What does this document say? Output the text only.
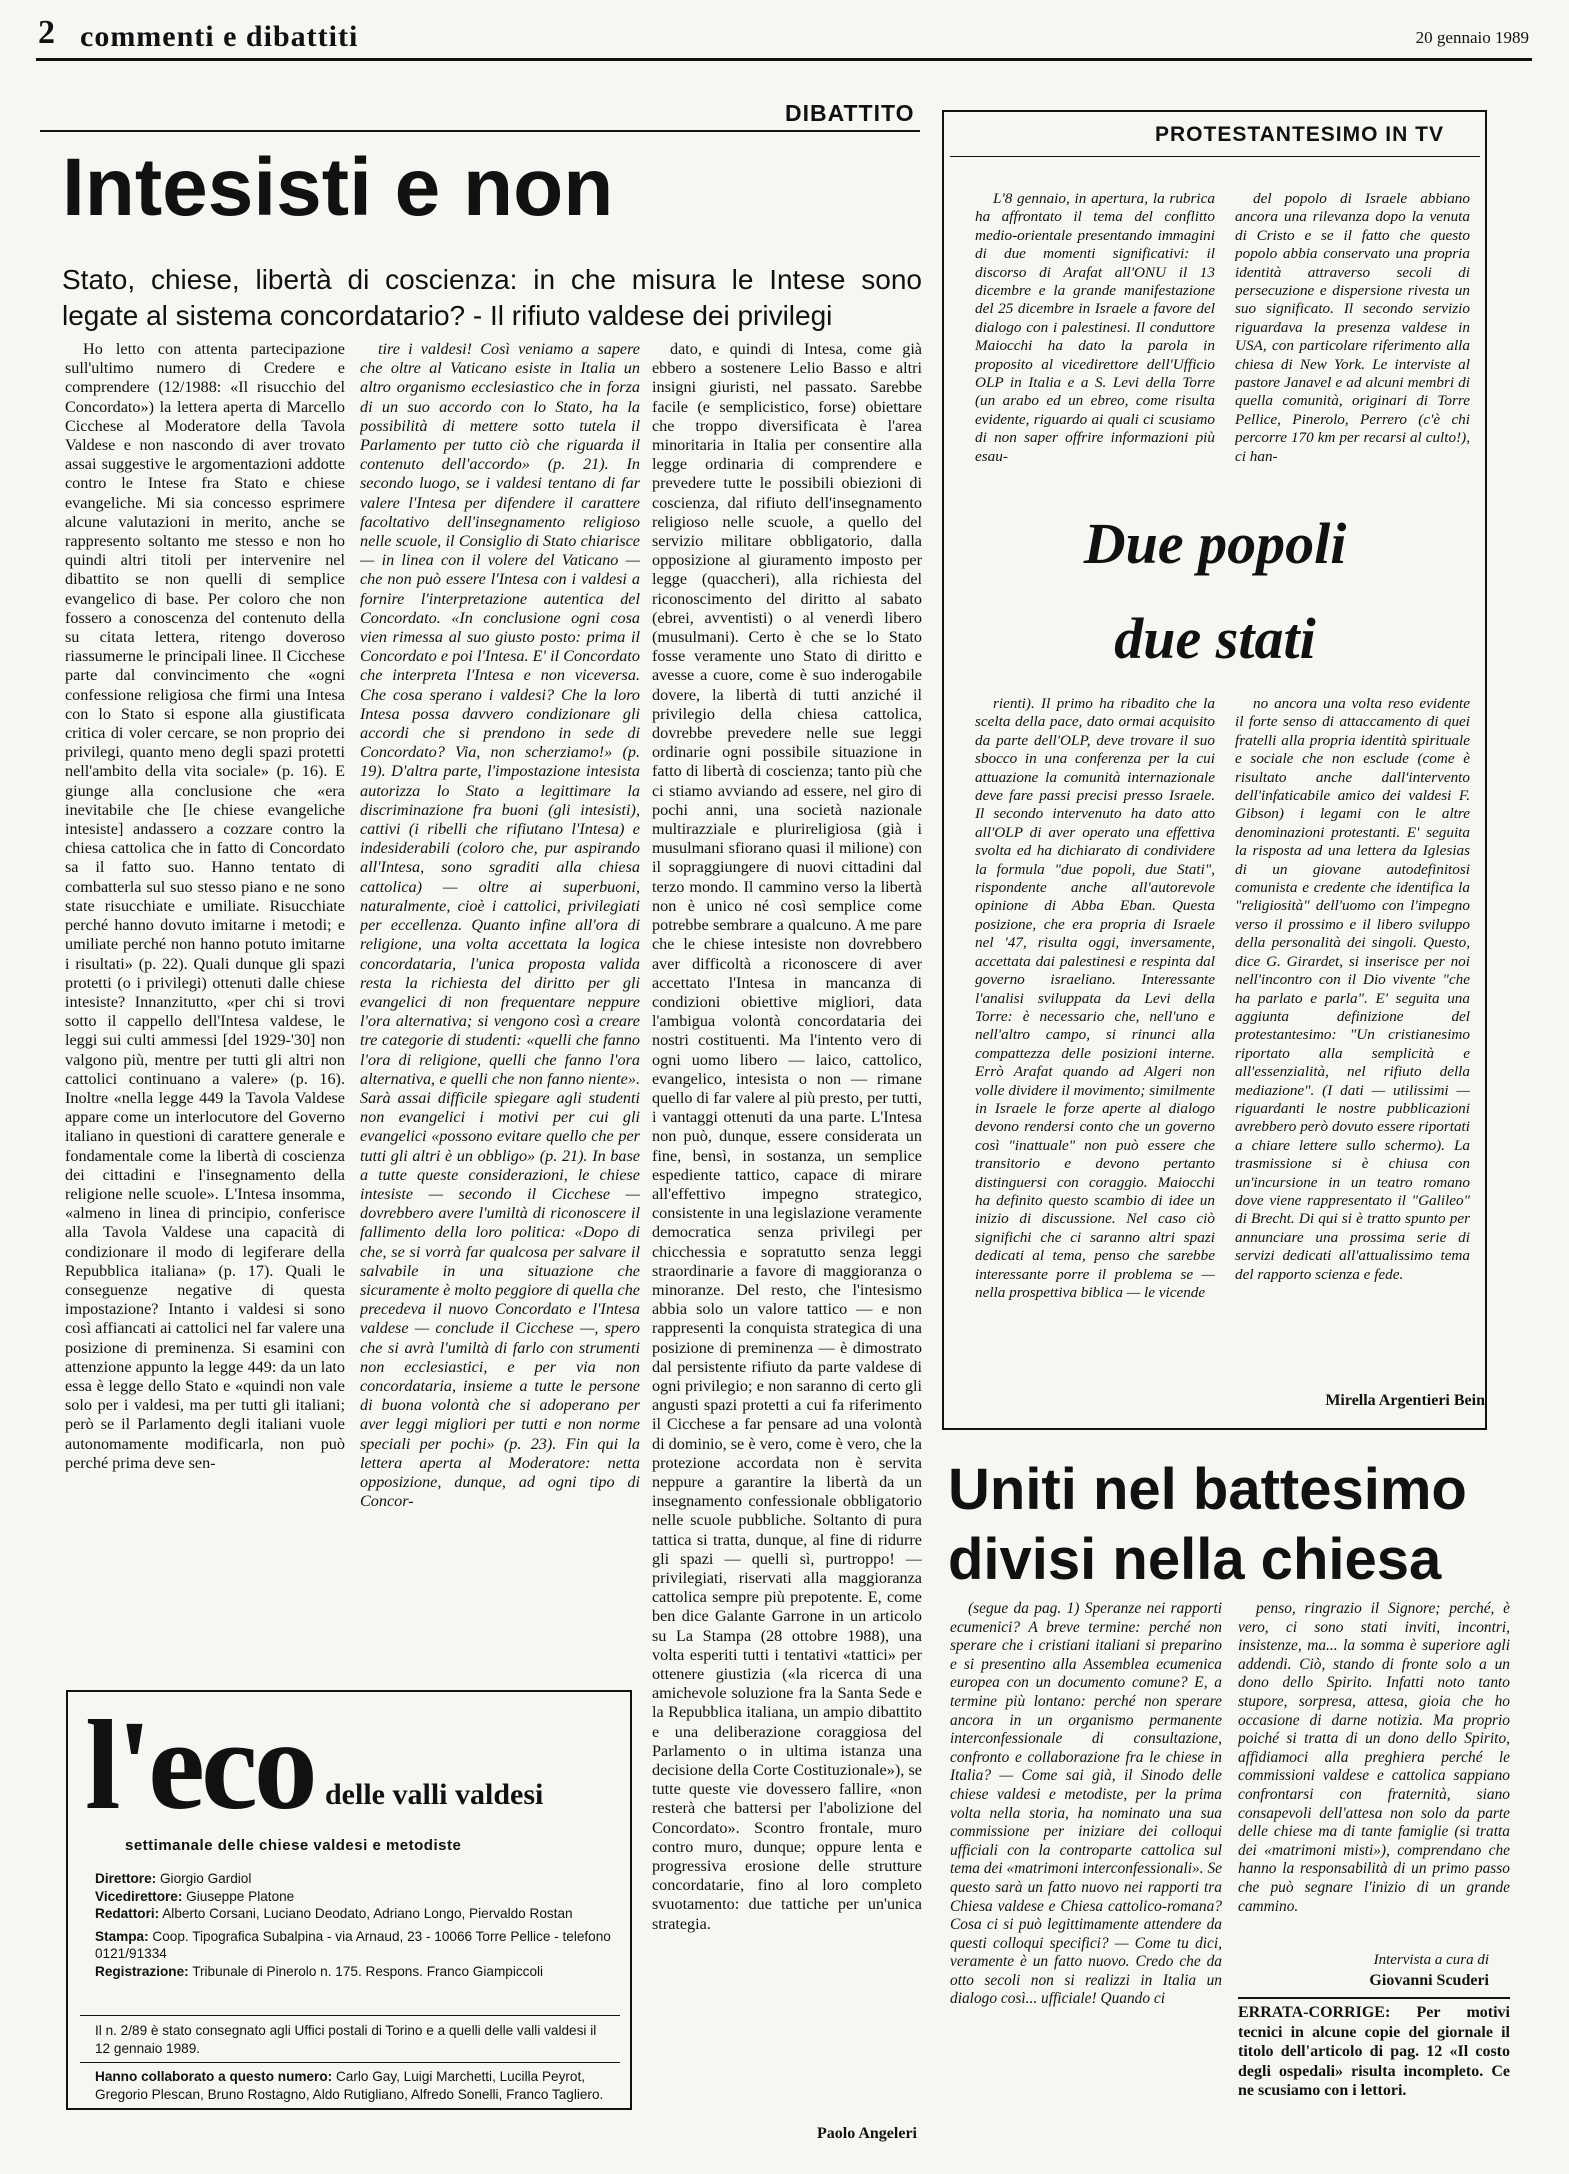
2 commenti e dibattiti	20 gennaio 1989
DIBATTITO
Intesisti e non
Stato, chiese, libertà di coscienza: in che misura le Intese sono legate al sistema concordatario? - Il rifiuto valdese dei privilegi

Ho letto con attenta partecipazione sull'ultimo numero di Credere e comprendere (12/1988: «Il risucchio del Concordato») la lettera aperta di Marcello Cicchese al Moderatore della Tavola Valdese e non nascondo di aver trovato assai suggestive le argomentazioni addotte contro le Intese fra Stato e chiese evangeliche. Mi sia concesso esprimere alcune valutazioni in merito, anche se rappresento soltanto me stesso e non ho quindi altri titoli per intervenire nel dibattito se non quelli di semplice evangelico di base. Per coloro che non fossero a conoscenza del contenuto della su citata lettera, ritengo doveroso riassumerne le principali linee. Il Cicchese parte dal convincimento che «ogni confessione religiosa che firmi una Intesa con lo Stato si espone alla giustificata critica di voler cercare, se non proprio dei privilegi, quanto meno degli spazi protetti nell'ambito della vita sociale» (p. 16). E giunge alla conclusione che «era inevitabile che [le chiese evangeliche intesiste] andassero a cozzare contro la chiesa cattolica che in fatto di Concordato sa il fatto suo. Hanno tentato di combatterla sul suo stesso piano e ne sono state risucchiate e umiliate. Risucchiate perché hanno dovuto imitarne i metodi; e umiliate perché non hanno potuto imitarne i risultati» (p. 22). Quali dunque gli spazi protetti (o i privilegi) ottenuti dalle chiese intesiste? Innanzitutto, «per chi si trovi sotto il cappello dell'Intesa valdese, le leggi sui culti ammessi [del 1929-'30] non valgono più, mentre per tutti gli altri non cattolici continuano a valere» (p. 16). Inoltre «nella legge 449 la Tavola Valdese appare come un interlocutore del Governo italiano in questioni di carattere generale e fondamentale come la libertà di coscienza dei cittadini e l'insegnamento della religione nelle scuole». L'Intesa insomma, «almeno in linea di principio, conferisce alla Tavola Valdese una capacità di condizionare il modo di legiferare della Repubblica italiana» (p. 17). Quali le conseguenze negative di questa impostazione? Intanto i valdesi si sono così affiancati ai cattolici nel far valere una posizione di preminenza. Si esamini con attenzione appunto la legge 449: da un lato essa è legge dello Stato e «quindi non vale solo per i valdesi, ma per tutti gli italiani; però se il Parlamento degli italiani vuole autonomamente modificarla, non può perché prima deve sen-

tire i valdesi! Così veniamo a sapere che oltre al Vaticano esiste in Italia un altro organismo ecclesiastico che in forza di un suo accordo con lo Stato, ha la possibilità di mettere sotto tutela il Parlamento per tutto ciò che riguarda il contenuto dell'accordo» (p. 21). In secondo luogo, se i valdesi tentano di far valere l'Intesa per difendere il carattere facoltativo dell'insegnamento religioso nelle scuole, il Consiglio di Stato chiarisce — in linea con il volere del Vaticano — che non può essere l'Intesa con i valdesi a fornire l'interpretazione autentica del Concordato. «In conclusione ogni cosa vien rimessa al suo giusto posto: prima il Concordato e poi l'Intesa. E' il Concordato che interpreta l'Intesa e non viceversa. Che cosa sperano i valdesi? Che la loro Intesa possa davvero condizionare gli accordi che si prendono in sede di Concordato? Via, non scherziamo!» (p. 19). D'altra parte, l'impostazione intesista autorizza lo Stato a legittimare la discriminazione fra buoni (gli intesisti), cattivi (i ribelli che rifiutano l'Intesa) e indesiderabili (coloro che, pur aspirando all'Intesa, sono sgraditi alla chiesa cattolica) — oltre ai superbuoni, naturalmente, cioè i cattolici, privilegiati per eccellenza. Quanto infine all'ora di religione, una volta accettata la logica concordataria, l'unica proposta valida resta la richiesta del diritto per gli evangelici di non frequentare neppure l'ora alternativa; si vengono così a creare tre categorie di studenti: «quelli che fanno l'ora di religione, quelli che fanno l'ora alternativa, e quelli che non fanno niente». Sarà assai difficile spiegare agli studenti non evangelici i motivi per cui gli evangelici «possono evitare quello che per tutti gli altri è un obbligo» (p. 21). In base a tutte queste considerazioni, le chiese intesiste — secondo il Cicchese — dovrebbero avere l'umiltà di riconoscere il fallimento della loro politica: «Dopo di che, se si vorrà far qualcosa per salvare il salvabile in una situazione che sicuramente è molto peggiore di quella che precedeva il nuovo Concordato e l'Intesa valdese — conclude il Cicchese —, spero che si avrà l'umiltà di farlo con strumenti non ecclesiastici, e per via non concordataria, insieme a tutte le persone di buona volontà che si adoperano per aver leggi migliori per tutti e non norme speciali per pochi» (p. 23). Fin qui la lettera aperta al Moderatore: netta opposizione, dunque, ad ogni tipo di Concor-

dato, e quindi di Intesa, come già ebbero a sostenere Lelio Basso e altri insigni giuristi, nel passato. Sarebbe facile (e semplicistico, forse) obiettare che troppo diversificata è l'area minoritaria in Italia per consentire alla legge ordinaria di comprendere e prevedere tutte le possibili obiezioni di coscienza, dal rifiuto dell'insegnamento religioso nelle scuole, a quello del servizio militare obbligatorio, dalla opposizione al giuramento imposto per legge (quaccheri), alla richiesta del riconoscimento del diritto al sabato (ebrei, avventisti) o al venerdì libero (musulmani). Certo è che se lo Stato fosse veramente uno Stato di diritto e avesse a cuore, come è suo inderogabile dovere, la libertà di tutti anziché il privilegio della chiesa cattolica, dovrebbe prevedere nelle sue leggi ordinarie ogni possibile situazione in fatto di libertà di coscienza; tanto più che ci stiamo avviando ad essere, nel giro di pochi anni, una società nazionale multirazziale e plurireligiosa (già i musulmani sfiorano quasi il milione) con il sopraggiungere di nuovi cittadini dal terzo mondo. Il cammino verso la libertà non è unico né così semplice come potrebbe sembrare a qualcuno. A me pare che le chiese intesiste non dovrebbero aver difficoltà a riconoscere di aver accettato l'Intesa in mancanza di condizioni obiettive migliori, data l'ambigua volontà concordataria dei nostri costituenti. Ma l'intento vero di ogni uomo libero — laico, cattolico, evangelico, intesista o non — rimane quello di far valere al più presto, per tutti, i vantaggi ottenuti da una parte. L'Intesa non può, dunque, essere considerata un fine, bensì, in sostanza, un semplice espediente tattico, capace di mirare all'effettivo impegno strategico, consistente in una legislazione veramente democratica senza privilegi per chicchessia e sopratutto senza leggi straordinarie a favore di maggioranza o minoranze. Del resto, che l'intesismo abbia solo un valore tattico — e non rappresenti la conquista strategica di una posizione di preminenza — è dimostrato dal persistente rifiuto da parte valdese di ogni privilegio; e non saranno di certo gli angusti spazi protetti a cui fa riferimento il Cicchese a far pensare ad una volontà di dominio, se è vero, come è vero, che la protezione accordata non è servita neppure a garantire la libertà da un insegnamento confessionale obbligatorio nelle scuole pubbliche. Soltanto di pura tattica si tratta, dunque, al fine di ridurre gli spazi — quelli sì, purtroppo! — privilegiati, riservati alla maggioranza cattolica sempre più prepotente. E, come ben dice Galante Garrone in un articolo su La Stampa (28 ottobre 1988), una volta esperiti tutti i tentativi «tattici» per ottenere giustizia («la ricerca di una amichevole soluzione fra la Santa Sede e la Repubblica italiana, un ampio dibattito e una deliberazione coraggiosa del Parlamento o in ultima istanza una decisione della Corte Costituzionale»), se tutte queste vie dovessero fallire, «non resterà che battersi per l'abolizione del Concordato». Scontro frontale, muro contro muro, dunque; oppure lenta e progressiva erosione delle strutture concordatarie, fino al loro completo svuotamento: due tattiche per un'unica strategia.

Paolo Angeleri
PROTESTANTESIMO IN TV

L'8 gennaio, in apertura, la rubrica ha affrontato il tema del conflitto medio-orientale presentando immagini di due momenti significativi: il discorso di Arafat all'ONU il 13 dicembre e la grande manifestazione del 25 dicembre in Israele a favore del dialogo con i palestinesi. Il conduttore Maiocchi ha dato la parola in proposito al vicedirettore dell'Ufficio OLP in Italia e a S. Levi della Torre (un arabo ed un ebreo, come risulta evidente, riguardo ai quali ci scusiamo di non saper offrire informazioni più esau-

del popolo di Israele abbiano ancora una rilevanza dopo la venuta di Cristo e se il fatto che questo popolo abbia conservato una propria identità attraverso secoli di persecuzione e dispersione rivesta un suo significato. Il secondo servizio riguardava la presenza valdese in USA, con particolare riferimento alla chiesa di New York. Le interviste al pastore Janavel e ad alcuni membri di quella comunità, originari di Torre Pellice, Pinerolo, Perrero (c'è chi percorre 170 km per recarsi al culto!), ci han-

Due popoli
due stati

rienti). Il primo ha ribadito che la scelta della pace, dato ormai acquisito da parte dell'OLP, deve trovare il suo sbocco in una conferenza per la cui attuazione la comunità internazionale deve fare passi precisi presso Israele. Il secondo intervenuto ha dato atto all'OLP di aver operato una effettiva svolta ed ha dichiarato di condividere la formula "due popoli, due Stati", rispondente anche all'autorevole opinione di Abba Eban. Questa posizione, che era propria di Israele nel '47, risulta oggi, inversamente, accettata dai palestinesi e respinta dal governo israeliano. Interessante l'analisi sviluppata da Levi della Torre: è necessario che, nell'uno e nell'altro campo, si rinunci alla compattezza delle posizioni interne. Errò Arafat quando ad Algeri non volle dividere il movimento; similmente in Israele le forze aperte al dialogo devono rendersi conto che un governo così "inattuale" non può essere che transitorio e devono pertanto distinguersi con coraggio. Maiocchi ha definito questo scambio di idee un inizio di discussione. Nel caso ciò significhi che ci saranno altri spazi dedicati al tema, penso che sarebbe interessante porre il problema se — nella prospettiva biblica — le vicende

no ancora una volta reso evidente il forte senso di attaccamento di quei fratelli alla propria identità spirituale e sociale che non esclude (come è risultato anche dall'intervento dell'infaticabile amico dei valdesi F. Gibson) i legami con le altre denominazioni protestanti. E' seguita la risposta ad una lettera da Iglesias di un giovane autodefinitosi comunista e credente che identifica la "religiosità" dell'uomo con l'impegno verso il prossimo e il libero sviluppo della personalità dei singoli. Questo, dice G. Girardet, si inserisce per noi nell'incontro con il Dio vivente "che ha parlato e parla". E' seguita una aggiunta definizione del protestantesimo: "Un cristianesimo riportato alla semplicità e all'essenzialità, nel rifiuto della mediazione". (I dati — utilissimi — riguardanti le nostre pubblicazioni avrebbero però dovuto essere riportati a chiare lettere sullo schermo). La trasmissione si è chiusa con un'incursione in un teatro romano dove viene rappresentato il "Galileo" di Brecht. Di qui si è tratto spunto per annunciare una prossima serie di servizi dedicati all'attualissimo tema del rapporto scienza e fede.

Mirella Argentieri Bein
Uniti nel battesimo
divisi nella chiesa

(segue da pag. 1) Speranze nei rapporti ecumenici? A breve termine: perché non sperare che i cristiani italiani si preparino e si presentino alla Assemblea ecumenica europea con un documento comune? E, a termine più lontano: perché non sperare ancora in un organismo permanente interconfessionale di consultazione, confronto e collaborazione fra le chiese in Italia? — Come sai già, il Sinodo delle chiese valdesi e metodiste, per la prima volta nella storia, ha nominato una sua commissione per iniziare dei colloqui ufficiali con la controparte cattolica sul tema dei «matrimoni interconfessionali». Se questo sarà un fatto nuovo nei rapporti tra Chiesa valdese e Chiesa cattolico-romana? Cosa ci si può legittimamente attendere da questi colloqui specifici? — Come tu dici, veramente è un fatto nuovo. Credo che da otto secoli non si realizzi in Italia un dialogo così... ufficiale! Quando ci

penso, ringrazio il Signore; perché, è vero, ci sono stati inviti, incontri, insistenze, ma... la somma è superiore agli addendi. Ciò, stando di fronte solo a un dono dello Spirito. Infatti noto tanto stupore, sorpresa, attesa, gioia che ho occasione di darne notizia. Ma proprio poiché si tratta di un dono dello Spirito, affidiamoci alla preghiera perché le commissioni valdese e cattolica sappiano confrontarsi con fraternità, siano consapevoli dell'attesa non solo da parte delle chiese ma di tante famiglie (si tratta dei «matrimoni misti»), comprendano che hanno la responsabilità di un primo passo che può segnare l'inizio di un grande cammino.

Intervista a cura di
Giovanni Scuderi
ERRATA-CORRIGE: Per motivi tecnici in alcune copie del giornale il titolo dell'articolo di pag. 12 «Il costo degli ospedali» risulta incompleto. Ce ne scusiamo con i lettori.
l'eco delle valli valdesi
settimanale delle chiese valdesi e metodiste
Direttore: Giorgio Gardiol
Vicedirettore: Giuseppe Platone
Redattori: Alberto Corsani, Luciano Deodato, Adriano Longo, Piervaldo Rostan
Stampa: Coop. Tipografica Subalpina - via Arnaud, 23 - 10066 Torre Pellice - telefono 0121/91334
Registrazione: Tribunale di Pinerolo n. 175. Respons. Franco Giampiccoli
Il n. 2/89 è stato consegnato agli Uffici postali di Torino e a quelli delle valli valdesi il 12 gennaio 1989.
Hanno collaborato a questo numero: Carlo Gay, Luigi Marchetti, Lucilla Peyrot, Gregorio Plescan, Bruno Rostagno, Aldo Rutigliano, Alfredo Sonelli, Franco Tagliero.
